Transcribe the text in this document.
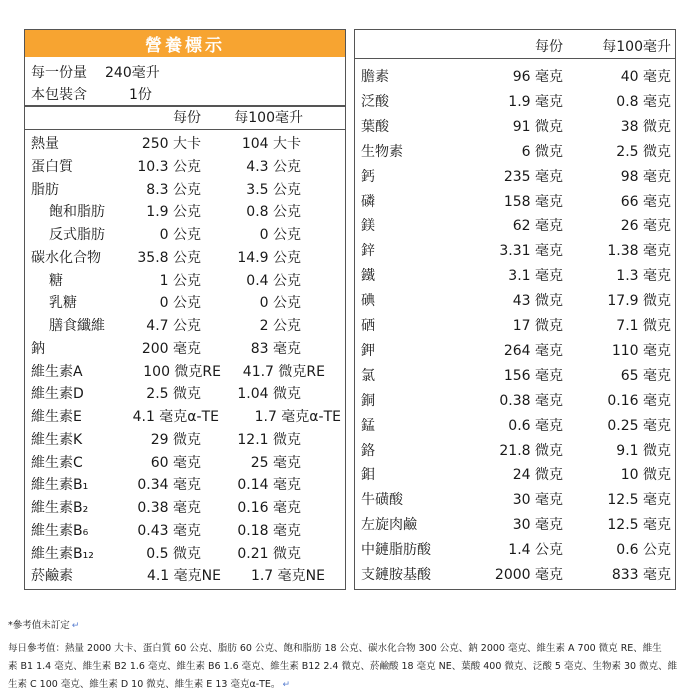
營養標示
每一份量 240毫升
本包裝含	1份
每份 每100毫升
熱量	250 大卡	104 大卡
蛋白質	10.3 公克	4.3 公克
脂肪	8.3 公克	3.5 公克
飽和脂肪	1.9 公克	0.8 公克
反式脂肪	0 公克	0 公克
碳水化合物	35.8 公克	14.9 公克
糖	1 公克	0.4 公克
乳糖	0 公克	0 公克
膳食纖維	4.7 公克	2 公克
鈉	200 毫克	83 毫克
維生素A	100 微克RE 41.7 微克RE
維生素D	2.5 微克	1.04 微克
維生素E	4.1 毫克α-TE	1.7 毫克α-TE
維生素K	29 微克	12.1 微克
維生素C	60 毫克	25 毫克
維生素B₁	0.34 毫克	0.14 毫克
維生素B₂	0.38 毫克	0.16 毫克
維生素B₆	0.43 毫克	0.18 毫克
維生素B₁₂	0.5 微克	0.21 微克
菸鹼素	4.1 毫克NE 1.7 毫克NE
每份	每100毫升
膽素	96 毫克	40 毫克
泛酸	1.9 毫克	0.8 毫克
葉酸	91 微克	38 微克
生物素	6 微克	2.5 微克
鈣	235 毫克	98 毫克
磷	158 毫克	66 毫克
鎂	62 毫克	26 毫克
鋅	3.31 毫克	1.38 毫克
鐵	3.1 毫克	1.3 毫克
碘	43 微克	17.9 微克
硒	17 微克	7.1 微克
鉀	264 毫克	110 毫克
氯	156 毫克	65 毫克
銅	0.38 毫克	0.16 毫克
錳	0.6 毫克	0.25 毫克
鉻	21.8 微克	9.1 微克
鉬	24 微克	10 微克
牛磺酸	30 毫克	12.5 毫克
左旋肉鹼	30 毫克	12.5 毫克
中鏈脂肪酸	1.4 公克	0.6 公克
支鏈胺基酸	2000 毫克	833 毫克
*參考值未訂定 ↵
每日參考值：熱量 2000 大卡、蛋白質 60 公克、脂肪 60 公克、飽和脂肪 18 公克、碳水化合物 300 公克、鈉 2000 毫克、維生素 A 700 微克 RE、維生
素 B1 1.4 毫克、維生素 B2 1.6 毫克、維生素 B6 1.6 毫克、維生素 B12 2.4 微克、菸鹼酸 18 毫克 NE、葉酸 400 微克、泛酸 5 毫克、生物素 30 微克、維
生素 C 100 毫克、維生素 D 10 微克、維生素 E 13 毫克α-TE。 ↵
